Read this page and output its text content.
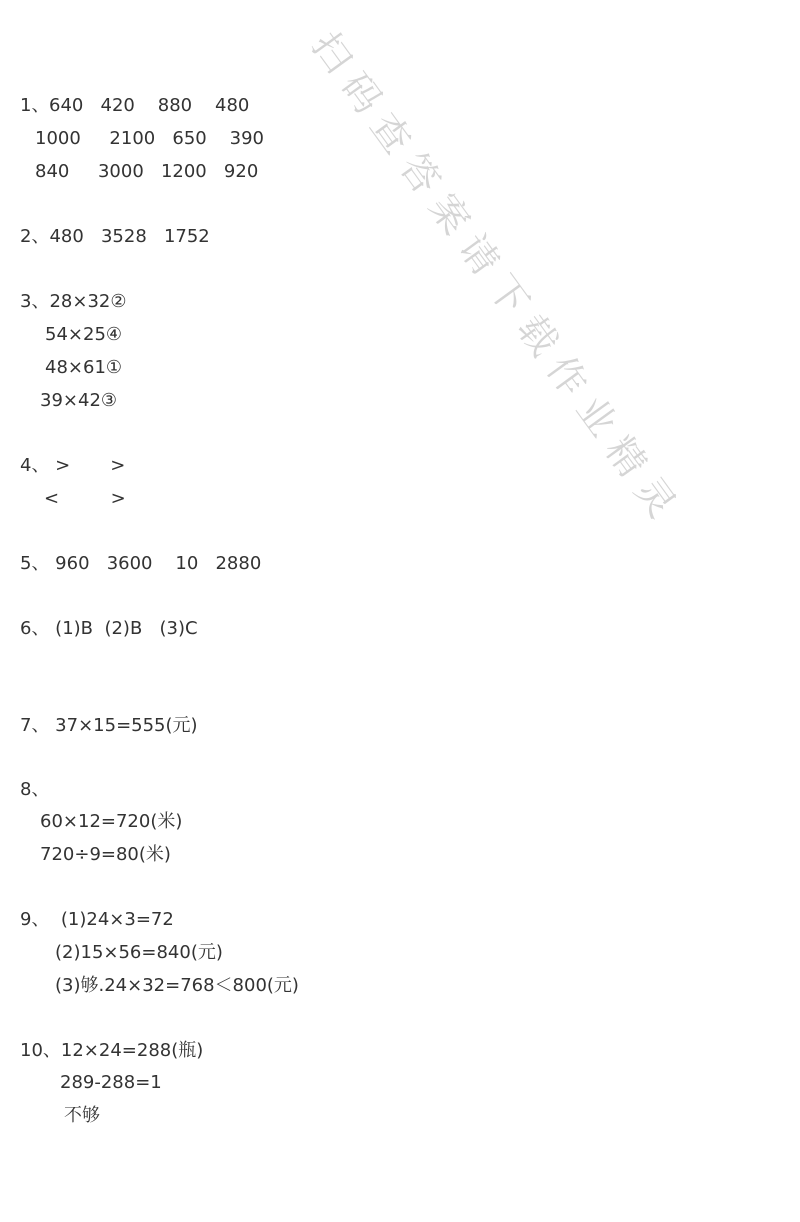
扫码查答案请下载作业精灵
1、 640   420    880    480
1000     2100   650    390
840     3000   1200   920
2、480   3528   1752
3、28×32②
54×25④
48×61①
39×42③
4、 >       >
<         >
5、 960   3600    10   2880
6、 (1)B  (2)B   (3)C
7、 37×15=555(元)
8、
60×12=720(米)
720÷9=80(米)
9、  (1)24×3=72
(2)15×56=840(元)
(3)够.24×32=768＜800(元)
10、12×24=288(瓶)
289-288=1
不够
